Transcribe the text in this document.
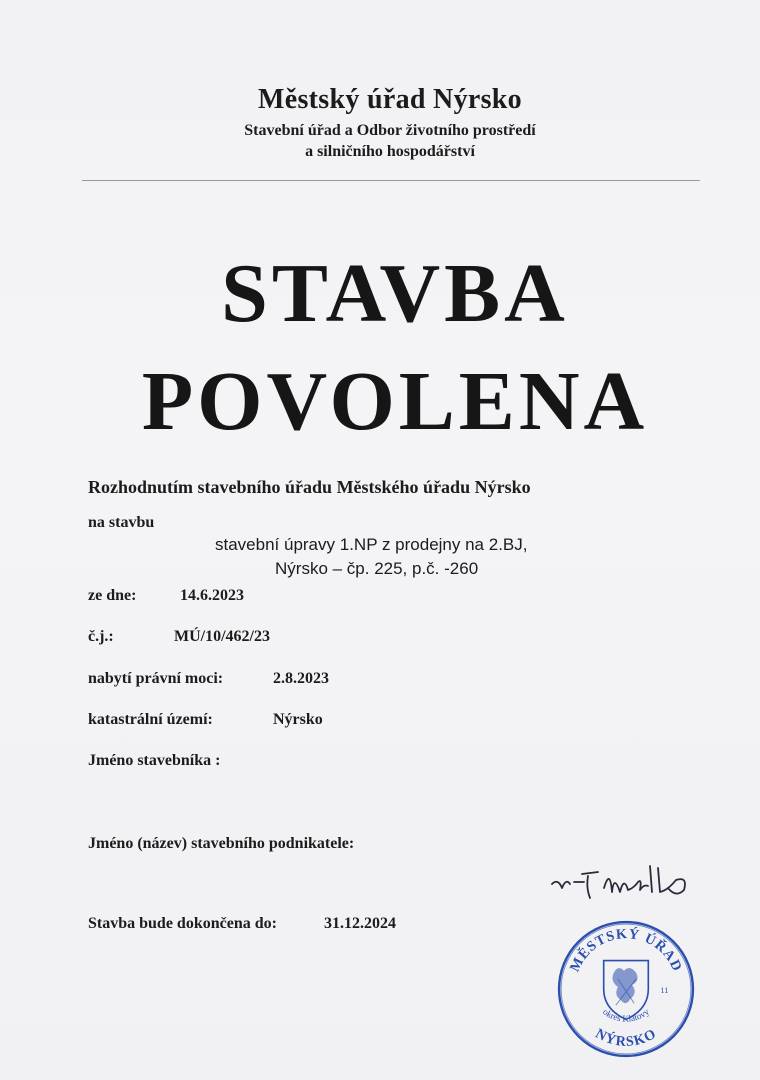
Městský úřad Nýrsko
Stavební úřad a Odbor životního prostředí
a silničního hospodářství
STAVBA
POVOLENA
Rozhodnutím stavebního úřadu Městského úřadu Nýrsko
na stavbu
stavební úpravy 1.NP z prodejny na 2.BJ,
Nýrsko – čp. 225, p.č. -260
ze dne:	14.6.2023
č.j.:	MÚ/10/462/23
nabytí právní moci:	2.8.2023
katastrální území:	Nýrsko
Jméno stavebníka :
Jméno (název) stavebního podnikatele:
Stavba bude dokončena do:	31.12.2024
MĚSTSKÝ ÚŘAD
NÝRSKO
okres Klatovy
11
